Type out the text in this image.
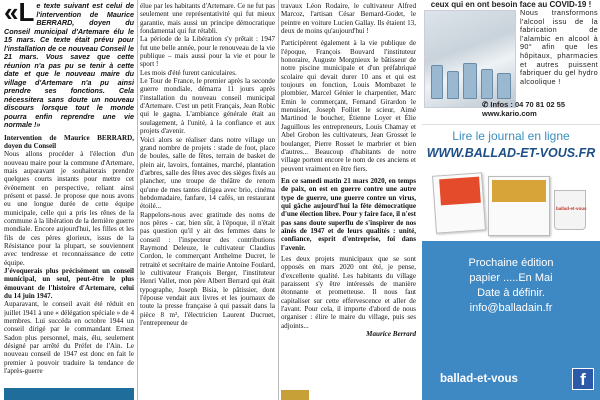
«Le texte suivant est celui de l'intervention de Maurice BERRARD, doyen du Conseil municipal d'Artemare élu le 15 mars. Ce texte était prévu pour l'installation de ce nouveau Conseil le 21 mars. Vous savez que cette réunion n'a pas pu se tenir à cette date et que le nouveau maire du village d'Artemare n'a pu ainsi prendre ses fonctions. Cela nécessitera sans doute un nouveau discours lorsque tout le monde pourra enfin reprendre une vie normale !»

Intervention de Maurice BERRARD, doyen du Conseil

Nous allons procéder à l'élection d'un nouveau maire pour la commune d'Artemare, mais auparavant je souhaiterais prendre quelques courts instants pour mettre cet événement en perspective, reliant ainsi présent et passé. Je propose que nous avons eu une longue durée de cette équipe municipale, celle qui a pris les rênes de la commune à la libération de la dernière guerre mondiale. Encore aujourd'hui, les filles et les fils de ces pères glorieux, issus de la Résistance pour la plupart, se souviennent avec tendresse et reconnaissance de cette équipe.

J'évoquerais plus précisément un conseil municipal, un seul, peut-être le plus émouvant de l'histoire d'Artemare, celui du 14 juin 1947.

Auparavant, le conseil avait été réduit en juillet 1941 à une « délégation spéciale » de 4 membres. Lui succéda en octobre 1944 un conseil dirigé par le commandant Ernest Sadon plus personnel, mais, élu, seulement désigné par arrêté du Préfet de l'Ain. Le nouveau conseil de 1947 est donc en fait le premier à pouvoir traduire la tendance de l'après-guerre

élue par les habitants d'Artemare. Ce ne fut pas seulement une représentativité qui fut mieux garantie, mais aussi un principe démocratique fondamental qui fut rétabli.

La période de la Libération s'y prêtait : 1947 fut une belle année, pour le renouveau de la vie publique – mais aussi pour la vie et pour le sport !

Les mois d'été furent caniculaires.

Le Tour de France, le premier après la seconde guerre mondiale, démarra 11 jours après l'installation du nouveau conseil municipal d'Artemare. C'est un petit Français, Jean Robic qui le gagna. L'ambiance générale était au soulagement, à l'unité, à la confiance et aux projets d'avenir.

Voici alors se réaliser dans notre village un grand nombre de projets : stade de foot, place de boules, salle de fêtes, terrain de basket de plein air, lavoirs, fontaines, marché, plantation d'arbres, salle des fêtes avec des sièges fixés au plancher, une troupe de théâtre de renom qu'une de mes tantes dirigea avec brio, cinéma hebdomadaire, fanfare, 14 cafés, un restaurant étoilé...

Rappelons-nous avec gratitude des noms de nos pères - car, bien sûr, à l'époque, il n'était pas question qu'il y ait des femmes dans le conseil : l'inspecteur des contributions Raymond Deleuze, le cultivateur Claudius Cordon, le commerçant Anthelme Ducret, le retraité et secrétaire de mairie Antoine Foulard, le cultivateur François Berger, l'instituteur Henri Vallet, mon père Albert Berrard qui était typographe, Joseph Bisia, le pâtissier, dont l'épouse vendait aux livres et les journaux de toute la presse française à qui passait dans la pièce 8 m², l'électricien Laurent Ducruet, l'entrepreneur de

travaux Léon Rodaire, le cultivateur Alfred Marcoz, l'artisan César Bernard-Godet, le peintre en voiture Lucien Gallay. Ils étaient 13, deux de moins qu'aujourd'hui !

Participèrent également à la vie publique de l'époque, François Bouvard l'instituteur honoraire, Auguste Morgnieux le bâtisseur de notre piscine municipale et d'un préfabriqué scolaire qui devait durer 10 ans et qui est toujours en fonction, Louis Mombazet le plombier, Marcel Génier le charpentier, Marc Emin le commerçant, Fernand Girardon le menuisier, Joseph Folliet le scieur, Aimé Martinod le boucher, Étienne Loyer et Élie Jaguillous les entrepreneurs, Louis Chamay et Abel Grobon les cultivateurs, Jean Grosset le boulanger, Pierre Rosset le marbrier et bien d'autres... Beaucoup d'habitants de notre village portent encore le nom de ces anciens et peuvent vraiment en être fiers.

En ce samedi matin 21 mars 2020, en temps de paix, on est en guerre contre une autre type de guerre, une guerre contre un virus, qui gâche aujourd'hui la fête démocratique d'une élection libre. Pour y faire face, il n'est pas sans doute superflu de s'inspirer de nos aînés de 1947 et de leurs qualités : unité, confiance, esprit d'entreprise, foi dans l'avenir.

Les deux projets municipaux que se sont opposés en mars 2020 ont été, je pense, d'excellente qualité. Les habitants du village paraissent s'y être intéressés de manière étonnante et prometteuse. Il nous faut capitaliser sur cette effervescence et aller de l'avant. Pour cela, il importe d'abord de nous organiser : élire le maire du village, puis ses adjoints...

Maurice Berrard

ceux qui en ont besoin face au COVID-19 !
Nous transformons l'alcool issu de la fabrication de l'alambic en alcool à 90° afin que les hôpitaux, pharmacies et autres puissent fabriquer du gel hydro alcoolique !
✆ Infos : 04 70 81 02 55
www.kario.com
Lire le journal en ligne
WWW.BALLAD-ET-VOUS.FR
ballad-et-vous
Prochaine édition
papier .....En Mai
Date à définir.
info@balladain.fr
ballad-et-vous	f
